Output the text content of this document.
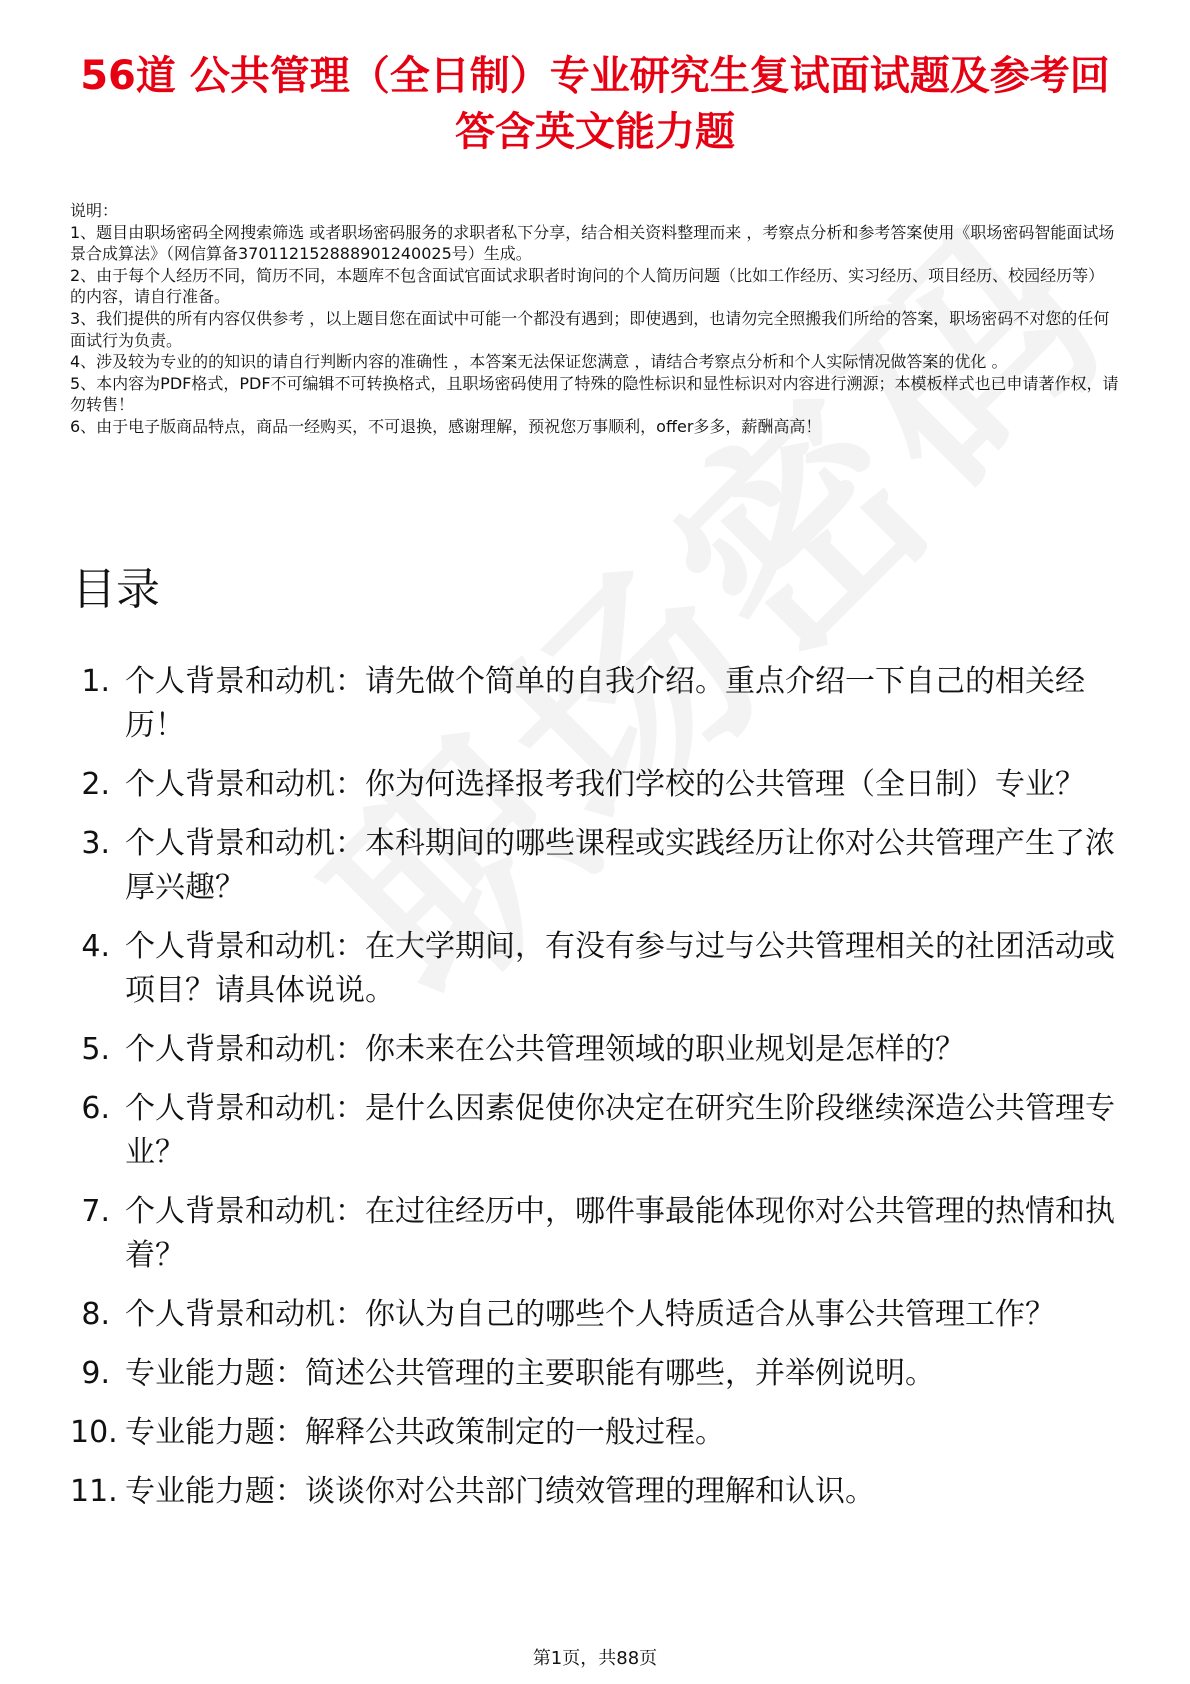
56道 公共管理（全日制）专业研究生复试面试题及参考回答含英文能力题
说明：
1、题目由职场密码全网搜索筛选 或者职场密码服务的求职者私下分享，结合相关资料整理而来 ，考察点分析和参考答案使用《职场密码智能面试场景合成算法》（网信算备370112152888901240025号）生成。
2、由于每个人经历不同，简历不同，本题库不包含面试官面试求职者时询问的个人简历问题（比如工作经历、实习经历、项目经历、校园经历等）的内容，请自行准备。
3、我们提供的所有内容仅供参考 ，以上题目您在面试中可能一个都没有遇到；即使遇到，也请勿完全照搬我们所给的答案，职场密码不对您的任何面试行为负责。
4、涉及较为专业的的知识的请自行判断内容的准确性 ，本答案无法保证您满意 ，请结合考察点分析和个人实际情况做答案的优化 。
5、本内容为PDF格式，PDF不可编辑不可转换格式，且职场密码使用了特殊的隐性标识和显性标识对内容进行溯源；本模板样式也已申请著作权，请勿转售！
6、由于电子版商品特点，商品一经购买，不可退换，感谢理解，预祝您万事顺利，offer多多，薪酬高高！
目录
1. 个人背景和动机：请先做个简单的自我介绍。重点介绍一下自己的相关经历！
2. 个人背景和动机：你为何选择报考我们学校的公共管理（全日制）专业？
3. 个人背景和动机：本科期间的哪些课程或实践经历让你对公共管理产生了浓厚兴趣？
4. 个人背景和动机：在大学期间，有没有参与过与公共管理相关的社团活动或项目？请具体说说。
5. 个人背景和动机：你未来在公共管理领域的职业规划是怎样的？
6. 个人背景和动机：是什么因素促使你决定在研究生阶段继续深造公共管理专业？
7. 个人背景和动机：在过往经历中，哪件事最能体现你对公共管理的热情和执着？
8. 个人背景和动机：你认为自己的哪些个人特质适合从事公共管理工作？
9. 专业能力题：简述公共管理的主要职能有哪些，并举例说明。
10. 专业能力题：解释公共政策制定的一般过程。
11. 专业能力题：谈谈你对公共部门绩效管理的理解和认识。
第1页，共88页
